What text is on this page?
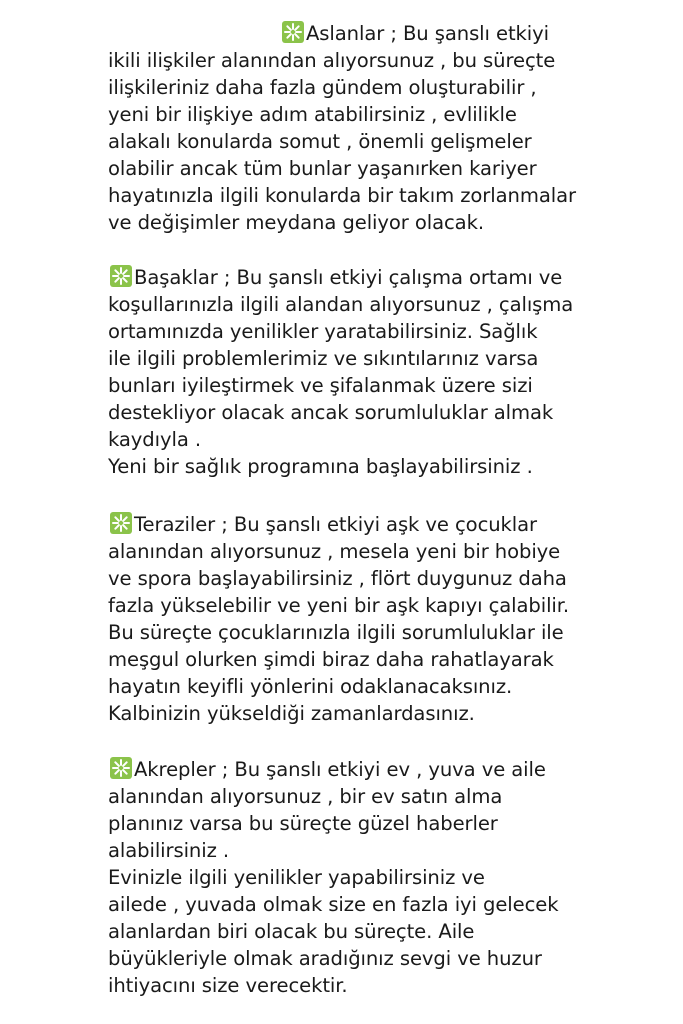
Aslanlar ; Bu şanslı etkiyi
ikili ilişkiler alanından alıyorsunuz , bu süreçte
ilişkileriniz daha fazla gündem oluşturabilir ,
yeni bir ilişkiye adım atabilirsiniz , evlilikle
alakalı konularda somut , önemli gelişmeler
olabilir ancak tüm bunlar yaşanırken kariyer
hayatınızla ilgili konularda bir takım zorlanmalar
ve değişimler meydana geliyor olacak.
Başaklar ; Bu şanslı etkiyi çalışma ortamı ve
koşullarınızla ilgili alandan alıyorsunuz , çalışma
ortamınızda yenilikler yaratabilirsiniz. Sağlık
ile ilgili problemlerimiz ve sıkıntılarınız varsa
bunları iyileştirmek ve şifalanmak üzere sizi
destekliyor olacak ancak sorumluluklar almak
kaydıyla .
Yeni bir sağlık programına başlayabilirsiniz .
Teraziler ; Bu şanslı etkiyi aşk ve çocuklar
alanından alıyorsunuz , mesela yeni bir hobiye
ve spora başlayabilirsiniz , flört duygunuz daha
fazla yükselebilir ve yeni bir aşk kapıyı çalabilir.
Bu süreçte çocuklarınızla ilgili sorumluluklar ile
meşgul olurken şimdi biraz daha rahatlayarak
hayatın keyifli yönlerini odaklanacaksınız.
Kalbinizin yükseldiği zamanlardasınız.
Akrepler ; Bu şanslı etkiyi ev , yuva ve aile
alanından alıyorsunuz , bir ev satın alma
planınız varsa bu süreçte güzel haberler
alabilirsiniz .
Evinizle ilgili yenilikler yapabilirsiniz ve
ailede , yuvada olmak size en fazla iyi gelecek
alanlardan biri olacak bu süreçte. Aile
büyükleriyle olmak aradığınız sevgi ve huzur
ihtiyacını size verecektir.
